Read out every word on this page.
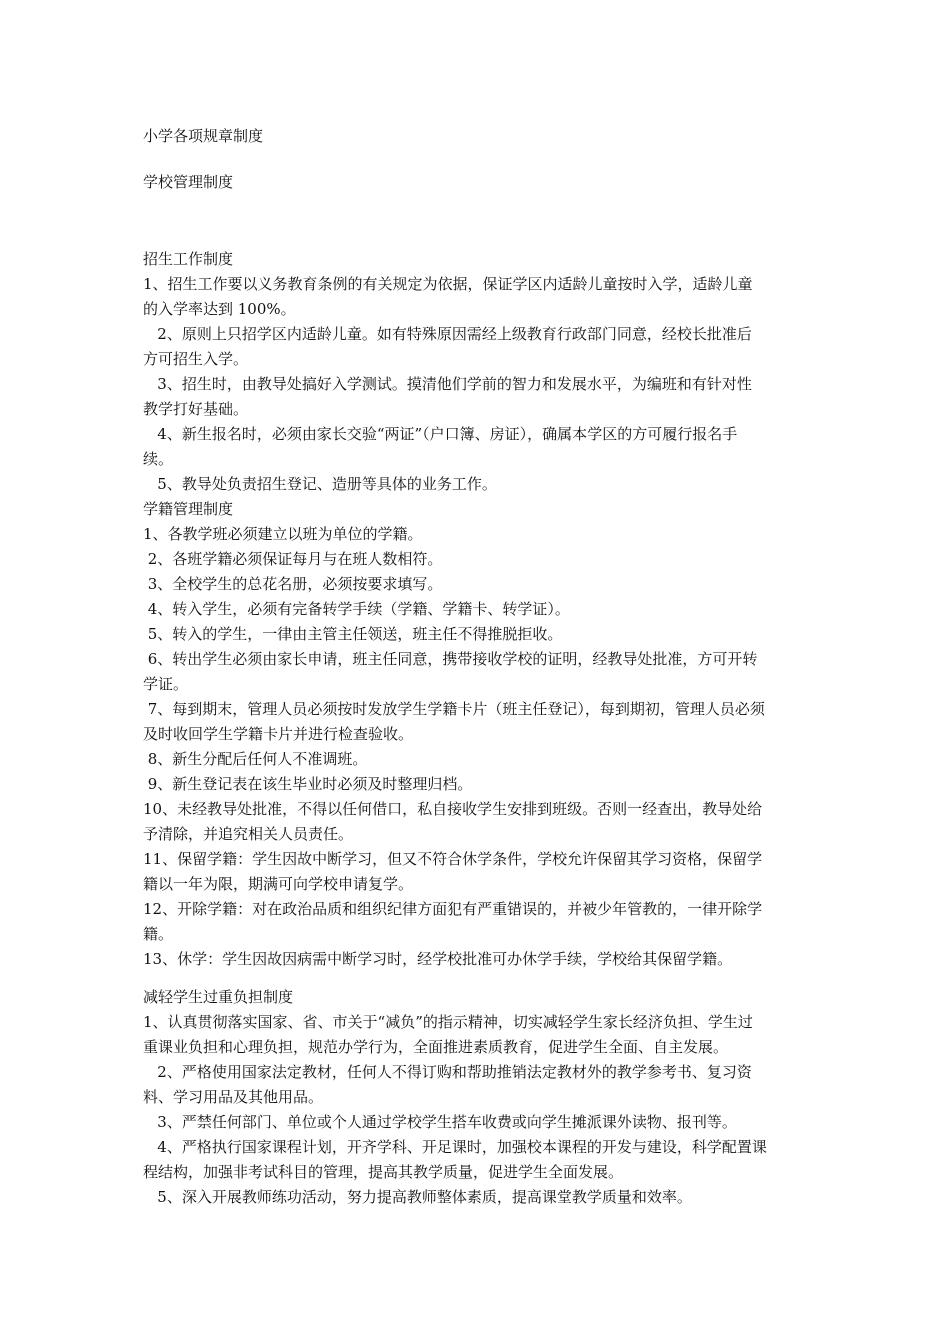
小学各项规章制度
学校管理制度
招生工作制度
1、招生工作要以义务教育条例的有关规定为依据，保证学区内适龄儿童按时入学，适龄儿童
的入学率达到 100%。
2、原则上只招学区内适龄儿童。如有特殊原因需经上级教育行政部门同意，经校长批准后
方可招生入学。
3、招生时，由教导处搞好入学测试。摸清他们学前的智力和发展水平，为编班和有针对性
教学打好基础。
4、新生报名时，必须由家长交验“两证”（户口簿、房证），确属本学区的方可履行报名手
续。
5、教导处负责招生登记、造册等具体的业务工作。
学籍管理制度
1、各教学班必须建立以班为单位的学籍。
2、各班学籍必须保证每月与在班人数相符。
3、全校学生的总花名册，必须按要求填写。
4、转入学生，必须有完备转学手续（学籍、学籍卡、转学证）。
5、转入的学生，一律由主管主任领送，班主任不得推脱拒收。
6、转出学生必须由家长申请，班主任同意，携带接收学校的证明，经教导处批准，方可开转
学证。
7、每到期末，管理人员必须按时发放学生学籍卡片（班主任登记），每到期初，管理人员必须
及时收回学生学籍卡片并进行检查验收。
8、新生分配后任何人不准调班。
9、新生登记表在该生毕业时必须及时整理归档。
10、未经教导处批准，不得以任何借口，私自接收学生安排到班级。否则一经查出，教导处给
予清除，并追究相关人员责任。
11、保留学籍：学生因故中断学习，但又不符合休学条件，学校允许保留其学习资格，保留学
籍以一年为限，期满可向学校申请复学。
12、开除学籍：对在政治品质和组织纪律方面犯有严重错误的，并被少年管教的，一律开除学
籍。
13、休学：学生因故因病需中断学习时，经学校批准可办休学手续，学校给其保留学籍。
减轻学生过重负担制度
1、认真贯彻落实国家、省、市关于“减负”的指示精神，切实减轻学生家长经济负担、学生过
重课业负担和心理负担，规范办学行为，全面推进素质教育，促进学生全面、自主发展。
2、严格使用国家法定教材，任何人不得订购和帮助推销法定教材外的教学参考书、复习资
料、学习用品及其他用品。
3、严禁任何部门、单位或个人通过学校学生搭车收费或向学生摊派课外读物、报刊等。
4、严格执行国家课程计划，开齐学科、开足课时，加强校本课程的开发与建设，科学配置课
程结构，加强非考试科目的管理，提高其教学质量，促进学生全面发展。
5、深入开展教师练功活动，努力提高教师整体素质，提高课堂教学质量和效率。
